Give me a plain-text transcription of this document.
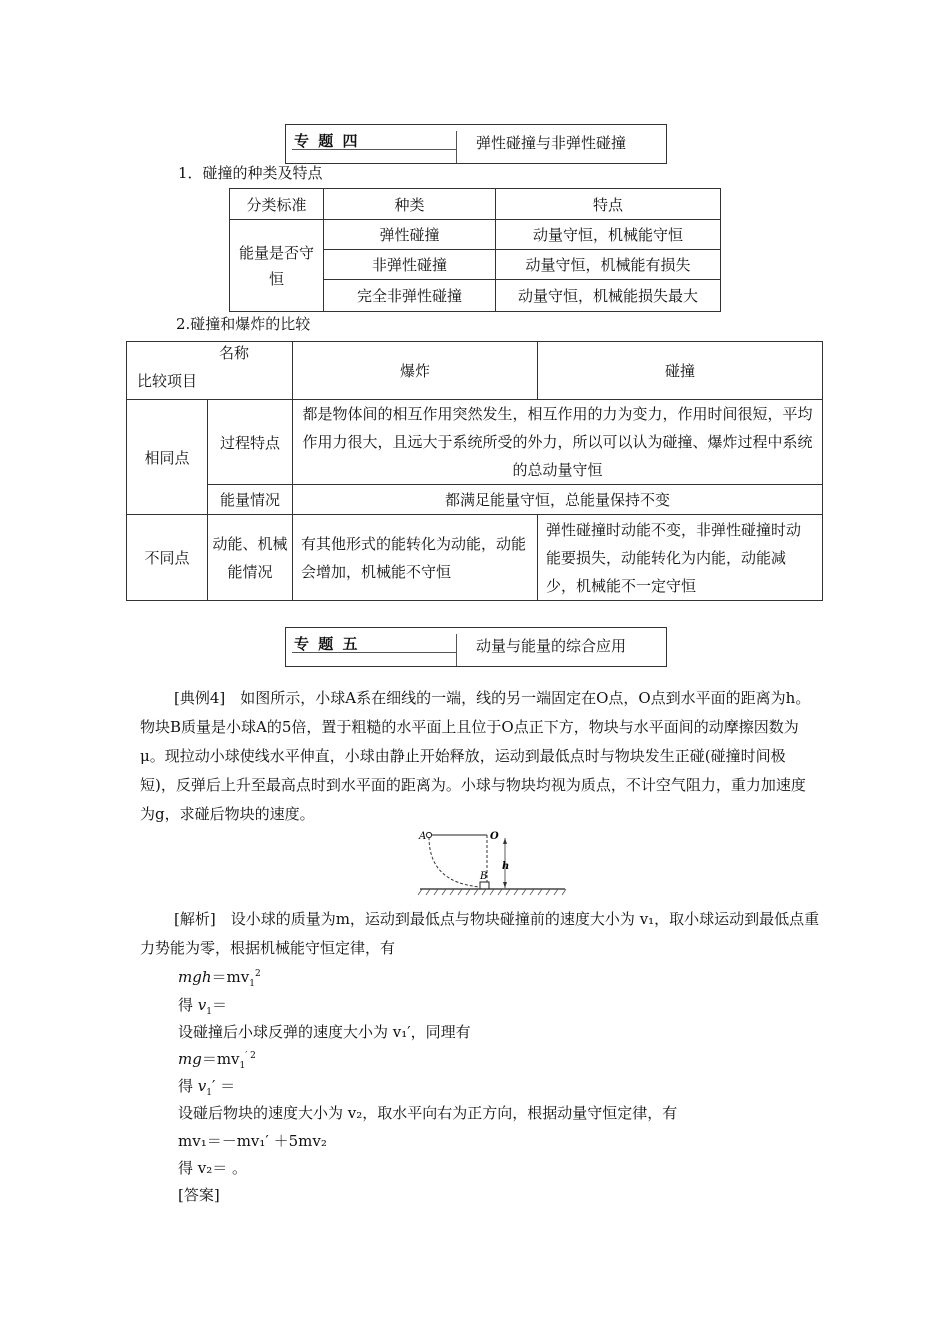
专 题 四	弹性碰撞与非弹性碰撞
1．碰撞的种类及特点
分类标准	种类	特点
能量是否守恒	弹性碰撞	动量守恒，机械能守恒
	非弹性碰撞	动量守恒，机械能有损失
	完全非弹性碰撞	动量守恒，机械能损失最大
2.碰撞和爆炸的比较
名称
比较项目		爆炸	碰撞
相同点	过程特点	都是物体间的相互作用突然发生，相互作用的力为变力，作用时间很短，平均作用力很大，且远大于系统所受的外力，所以可以认为碰撞、爆炸过程中系统的总动量守恒	
	能量情况	都满足能量守恒，总能量保持不变	
不同点	动能、机械能情况	有其他形式的能转化为动能，动能会增加，机械能不守恒	弹性碰撞时动能不变，非弹性碰撞时动能要损失，动能转化为内能，动能减少，机械能不一定守恒
专 题 五	动量与能量的综合应用
[典例4]　如图所示，小球A系在细线的一端，线的另一端固定在O点，O点到水平面的距离为h。物块B质量是小球A的5倍，置于粗糙的水平面上且位于O点正下方，物块与水平面间的动摩擦因数为 μ。现拉动小球使线水平伸直，小球由静止开始释放，运动到最低点时与物块发生正碰(碰撞时间极短)，反弹后上升至最高点时到水平面的距离为。小球与物块均视为质点，不计空气阻力，重力加速度为g，求碰后物块的速度。
A	O
h
B
[解析]　设小球的质量为m，运动到最低点与物块碰撞前的速度大小为 v₁，取小球运动到最低点重力势能为零，根据机械能守恒定律，有
$mgh=mv_1^2$
得 $v_1=$
设碰撞后小球反弹的速度大小为 v₁′，同理有
$mg=mv_1^{' 2}$
得 $v_1'$ ＝
设碰后物块的速度大小为 v₂，取水平向右为正方向，根据动量守恒定律，有
mv₁＝－mv₁′ ＋5mv₂
得 v₂＝ 。
[答案]
